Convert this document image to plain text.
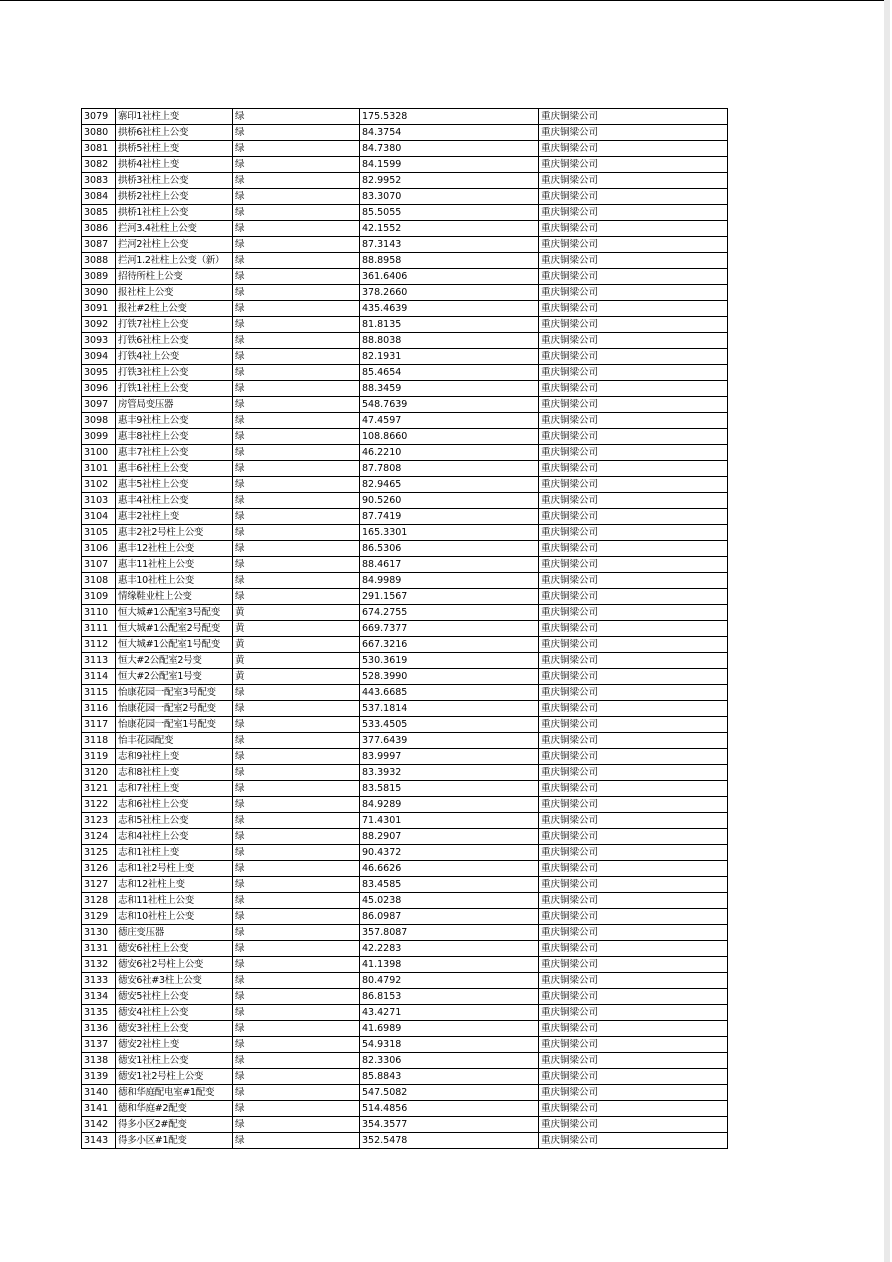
3079	寨印1社柱上变	绿	175.5328	重庆铜梁公司
3080	拱桥6社柱上公变	绿	84.3754	重庆铜梁公司
3081	拱桥5社柱上变	绿	84.7380	重庆铜梁公司
3082	拱桥4社柱上变	绿	84.1599	重庆铜梁公司
3083	拱桥3社柱上公变	绿	82.9952	重庆铜梁公司
3084	拱桥2社柱上公变	绿	83.3070	重庆铜梁公司
3085	拱桥1社柱上公变	绿	85.5055	重庆铜梁公司
3086	拦河3.4社柱上公变	绿	42.1552	重庆铜梁公司
3087	拦河2社柱上公变	绿	87.3143	重庆铜梁公司
3088	拦河1.2社柱上公变（新）	绿	88.8958	重庆铜梁公司
3089	招待所柱上公变	绿	361.6406	重庆铜梁公司
3090	报社柱上公变	绿	378.2660	重庆铜梁公司
3091	报社#2柱上公变	绿	435.4639	重庆铜梁公司
3092	打铁7社柱上公变	绿	81.8135	重庆铜梁公司
3093	打铁6社柱上公变	绿	88.8038	重庆铜梁公司
3094	打铁4社上公变	绿	82.1931	重庆铜梁公司
3095	打铁3社柱上公变	绿	85.4654	重庆铜梁公司
3096	打铁1社柱上公变	绿	88.3459	重庆铜梁公司
3097	房管局变压器	绿	548.7639	重庆铜梁公司
3098	惠丰9社柱上公变	绿	47.4597	重庆铜梁公司
3099	惠丰8社柱上公变	绿	108.8660	重庆铜梁公司
3100	惠丰7社柱上公变	绿	46.2210	重庆铜梁公司
3101	惠丰6社柱上公变	绿	87.7808	重庆铜梁公司
3102	惠丰5社柱上公变	绿	82.9465	重庆铜梁公司
3103	惠丰4社柱上公变	绿	90.5260	重庆铜梁公司
3104	惠丰2社柱上变	绿	87.7419	重庆铜梁公司
3105	惠丰2社2号柱上公变	绿	165.3301	重庆铜梁公司
3106	惠丰12社柱上公变	绿	86.5306	重庆铜梁公司
3107	惠丰11社柱上公变	绿	88.4617	重庆铜梁公司
3108	惠丰10社柱上公变	绿	84.9989	重庆铜梁公司
3109	情缘鞋业柱上公变	绿	291.1567	重庆铜梁公司
3110	恒大城#1公配室3号配变	黄	674.2755	重庆铜梁公司
3111	恒大城#1公配室2号配变	黄	669.7377	重庆铜梁公司
3112	恒大城#1公配室1号配变	黄	667.3216	重庆铜梁公司
3113	恒大#2公配室2号变	黄	530.3619	重庆铜梁公司
3114	恒大#2公配室1号变	黄	528.3990	重庆铜梁公司
3115	怡康花园一配室3号配变	绿	443.6685	重庆铜梁公司
3116	怡康花园一配室2号配变	绿	537.1814	重庆铜梁公司
3117	怡康花园一配室1号配变	绿	533.4505	重庆铜梁公司
3118	怡丰花园配变	绿	377.6439	重庆铜梁公司
3119	志和9社柱上变	绿	83.9997	重庆铜梁公司
3120	志和8社柱上变	绿	83.3932	重庆铜梁公司
3121	志和7社柱上变	绿	83.5815	重庆铜梁公司
3122	志和6社柱上公变	绿	84.9289	重庆铜梁公司
3123	志和5社柱上公变	绿	71.4301	重庆铜梁公司
3124	志和4社柱上公变	绿	88.2907	重庆铜梁公司
3125	志和1社柱上变	绿	90.4372	重庆铜梁公司
3126	志和1社2号柱上变	绿	46.6626	重庆铜梁公司
3127	志和12社柱上变	绿	83.4585	重庆铜梁公司
3128	志和11社柱上公变	绿	45.0238	重庆铜梁公司
3129	志和10社柱上公变	绿	86.0987	重庆铜梁公司
3130	德庄变压器	绿	357.8087	重庆铜梁公司
3131	德安6社柱上公变	绿	42.2283	重庆铜梁公司
3132	德安6社2号柱上公变	绿	41.1398	重庆铜梁公司
3133	德安6社#3柱上公变	绿	80.4792	重庆铜梁公司
3134	德安5社柱上公变	绿	86.8153	重庆铜梁公司
3135	德安4社柱上公变	绿	43.4271	重庆铜梁公司
3136	德安3社柱上公变	绿	41.6989	重庆铜梁公司
3137	德安2社柱上变	绿	54.9318	重庆铜梁公司
3138	德安1社柱上公变	绿	82.3306	重庆铜梁公司
3139	德安1社2号柱上公变	绿	85.8843	重庆铜梁公司
3140	德和华庭配电室#1配变	绿	547.5082	重庆铜梁公司
3141	德和华庭#2配变	绿	514.4856	重庆铜梁公司
3142	得多小区2#配变	绿	354.3577	重庆铜梁公司
3143	得多小区#1配变	绿	352.5478	重庆铜梁公司
